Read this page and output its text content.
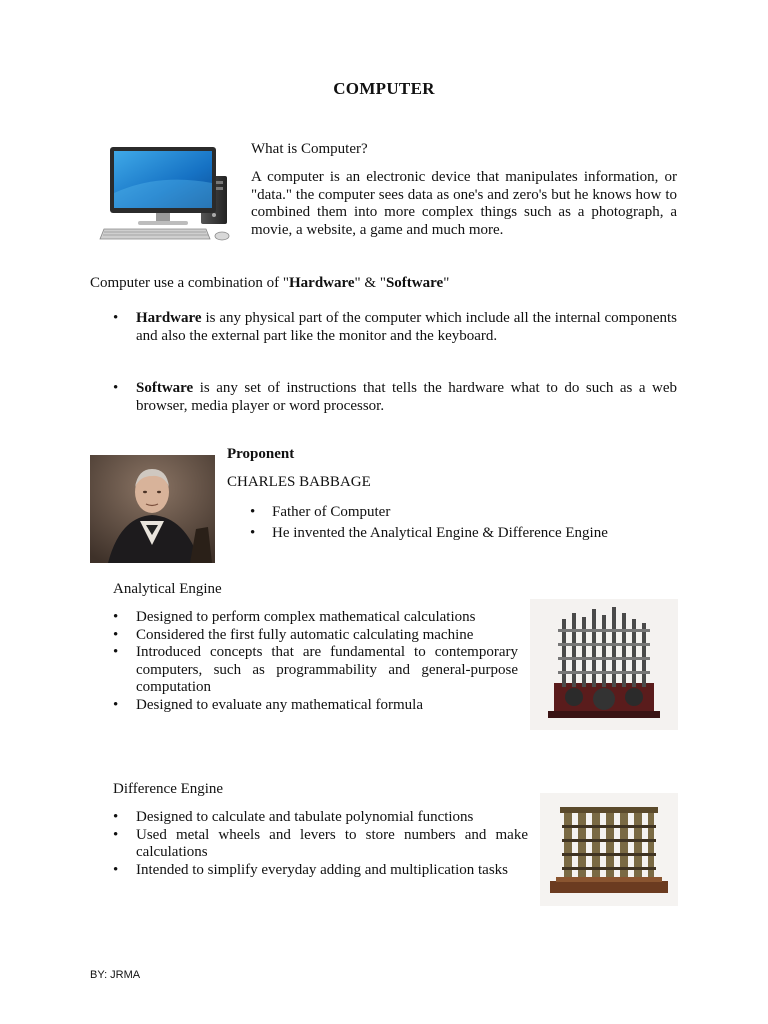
COMPUTER
What is Computer?
A computer is an electronic device that manipulates information, or "data." the computer sees data as one's and zero's but he knows how to combined them into more complex things such as a photograph, a movie, a website, a game and much more.
Computer use a combination of "Hardware" & "Software"
• Hardware is any physical part of the computer which include all the internal components and also the external part like the monitor and the keyboard.
• Software is any set of instructions that tells the hardware what to do such as a web browser, media player or word processor.
Proponent
CHARLES BABBAGE
• Father of Computer
• He invented the Analytical Engine & Difference Engine
Analytical Engine
• Designed to perform complex mathematical calculations
• Considered the first fully automatic calculating machine
• Introduced concepts that are fundamental to contemporary computers, such as programmability and general-purpose computation
• Designed to evaluate any mathematical formula
Difference Engine
• Designed to calculate and tabulate polynomial functions
• Used metal wheels and levers to store numbers and make calculations
• Intended to simplify everyday adding and multiplication tasks
BY: JRMA
